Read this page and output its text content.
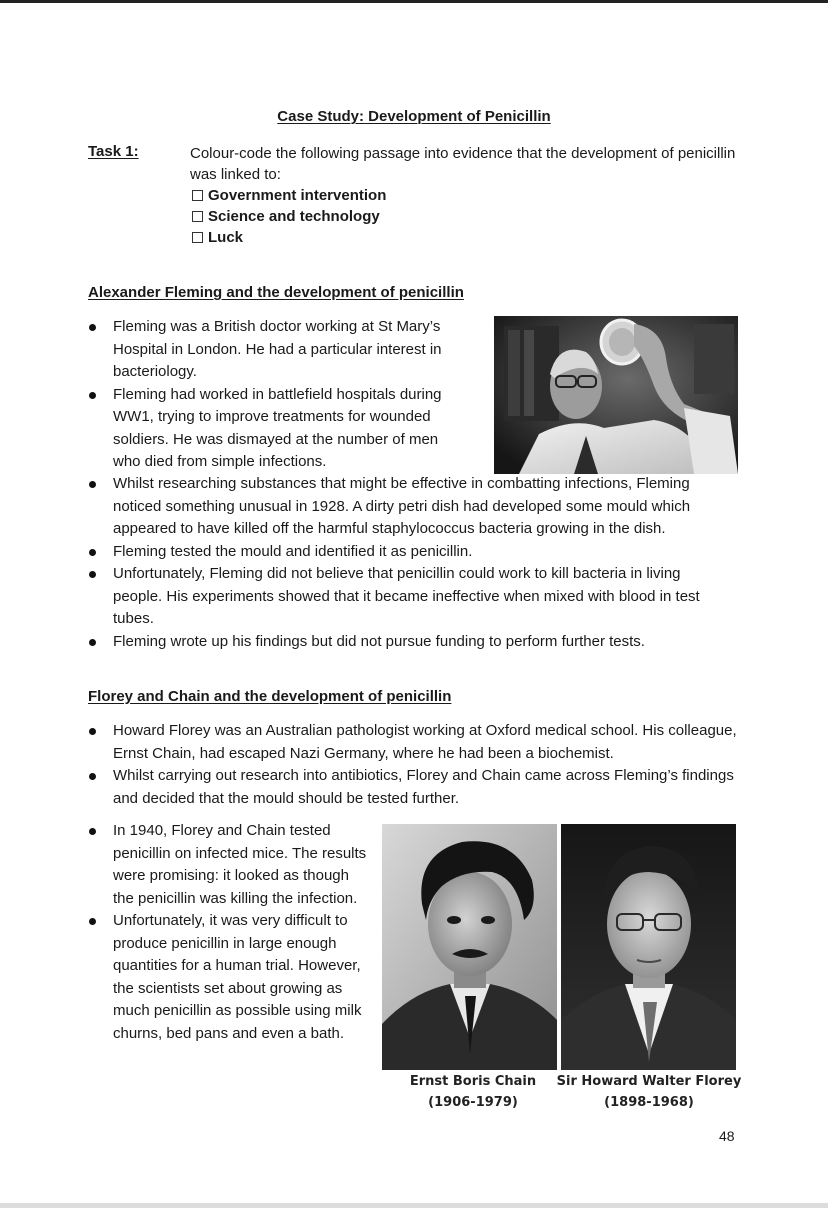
Case Study: Development of Penicillin
Task 1:	Colour-code the following passage into evidence that the development of penicillin was linked to:
Government intervention
Science and technology
Luck
Alexander Fleming and the development of penicillin
Fleming was a British doctor working at St Mary’s Hospital in London. He had a particular interest in bacteriology.
Fleming had worked in battlefield hospitals during WW1, trying to improve treatments for wounded soldiers. He was dismayed at the number of men who died from simple infections.
Whilst researching substances that might be effective in combatting infections, Fleming noticed something unusual in 1928. A dirty petri dish had developed some mould which appeared to have killed off the harmful staphylococcus bacteria growing in the dish.
Fleming tested the mould and identified it as penicillin.
Unfortunately, Fleming did not believe that penicillin could work to kill bacteria in living people. His experiments showed that it became ineffective when mixed with blood in test tubes.
Fleming wrote up his findings but did not pursue funding to perform further tests.
Florey and Chain and the development of penicillin
Howard Florey was an Australian pathologist working at Oxford medical school. His colleague, Ernst Chain, had escaped Nazi Germany, where he had been a biochemist.
Whilst carrying out research into antibiotics, Florey and Chain came across Fleming’s findings and decided that the mould should be tested further.
In 1940, Florey and Chain tested penicillin on infected mice. The results were promising: it looked as though the penicillin was killing the infection.
Unfortunately, it was very difficult to produce penicillin in large enough quantities for a human trial. However, the scientists set about growing as much penicillin as possible using milk churns, bed pans and even a bath.
Ernst Boris Chain
(1906-1979)
Sir Howard Walter Florey
(1898-1968)
48
